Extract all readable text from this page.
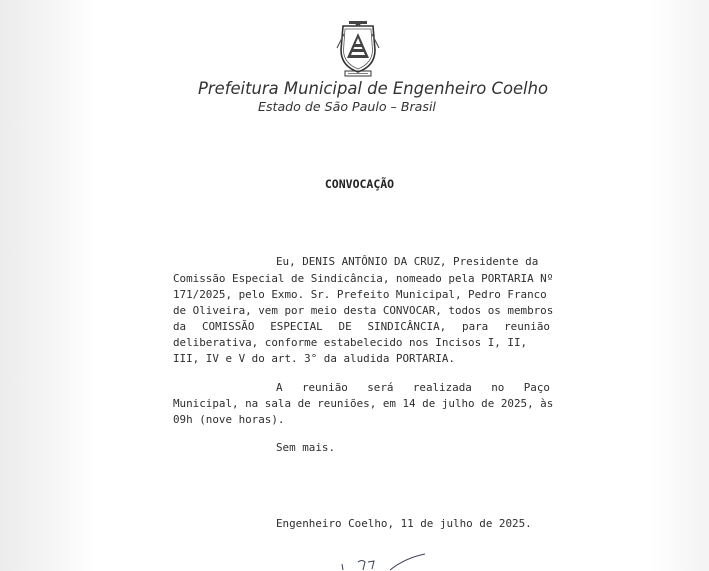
Prefeitura Municipal de Engenheiro Coelho
Estado de São Paulo – Brasil
CONVOCAÇÃO
Eu, DENIS ANTÔNIO DA CRUZ, Presidente da
Comissão Especial de Sindicância, nomeado pela PORTARIA Nº
171/2025, pelo Exmo. Sr. Prefeito Municipal, Pedro Franco
de Oliveira, vem por meio desta CONVOCAR, todos os membros
da COMISSÃO ESPECIAL DE SINDICÂNCIA, para reunião
deliberativa, conforme estabelecido nos Incisos I, II,
III, IV e V do art. 3° da aludida PORTARIA.
A reunião será realizada no Paço
Municipal, na sala de reuniões, em 14 de julho de 2025, às
09h (nove horas).
Sem mais.
Engenheiro Coelho, 11 de julho de 2025.
